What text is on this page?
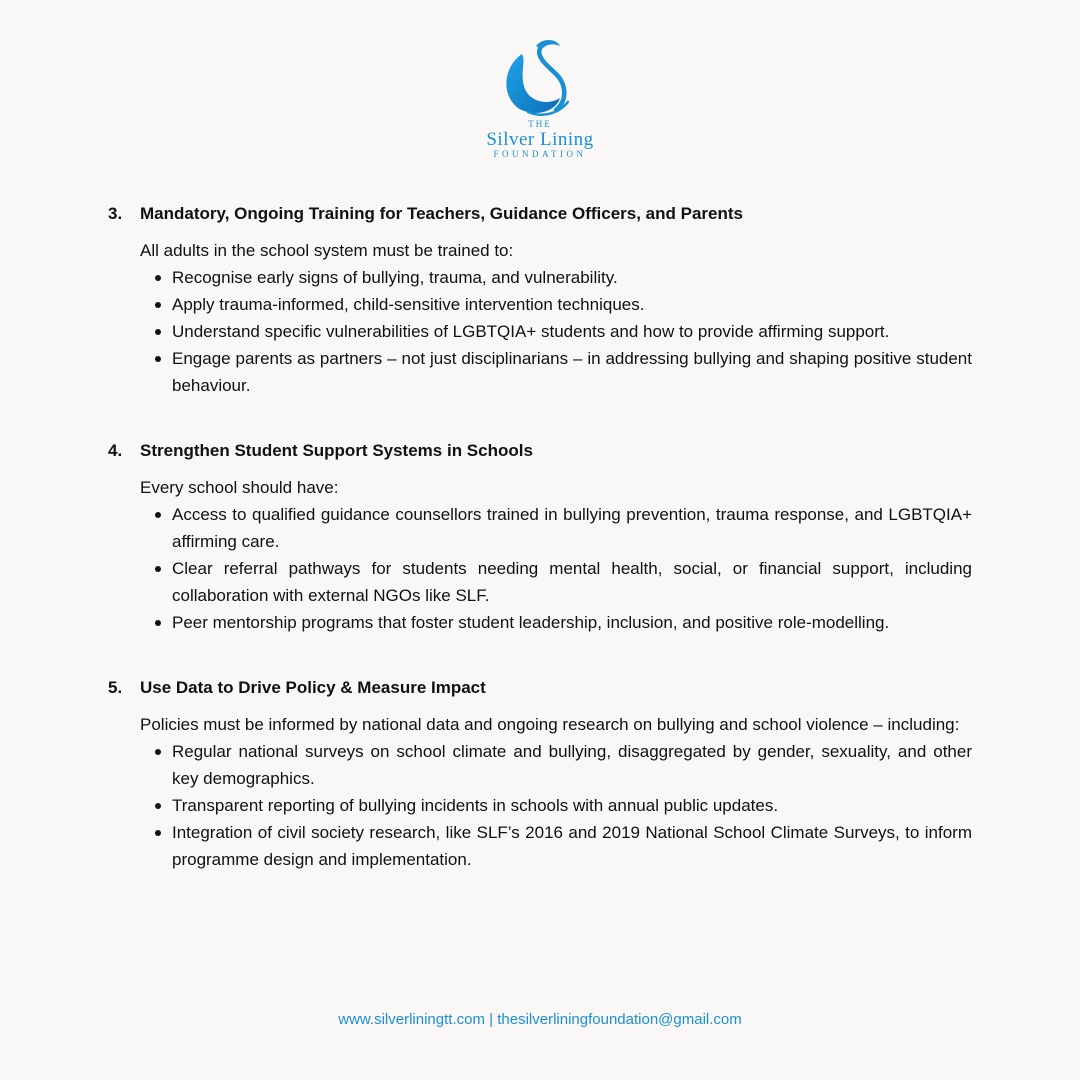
THE
Silver Lining
FOUNDATION
3.	Mandatory, Ongoing Training for Teachers, Guidance Officers, and Parents
All adults in the school system must be trained to:
Recognise early signs of bullying, trauma, and vulnerability.
Apply trauma-informed, child-sensitive intervention techniques.
Understand specific vulnerabilities of LGBTQIA+ students and how to provide affirming support.
Engage parents as partners – not just disciplinarians – in addressing bullying and shaping positive student behaviour.
4.	Strengthen Student Support Systems in Schools
Every school should have:
Access to qualified guidance counsellors trained in bullying prevention, trauma response, and LGBTQIA+ affirming care.
Clear referral pathways for students needing mental health, social, or financial support, including collaboration with external NGOs like SLF.
Peer mentorship programs that foster student leadership, inclusion, and positive role-modelling.
5.	Use Data to Drive Policy & Measure Impact
Policies must be informed by national data and ongoing research on bullying and school violence – including:
Regular national surveys on school climate and bullying, disaggregated by gender, sexuality, and other key demographics.
Transparent reporting of bullying incidents in schools with annual public updates.
Integration of civil society research, like SLF’s 2016 and 2019 National School Climate Surveys, to inform programme design and implementation.
www.silverliningtt.com | thesilverliningfoundation@gmail.com
